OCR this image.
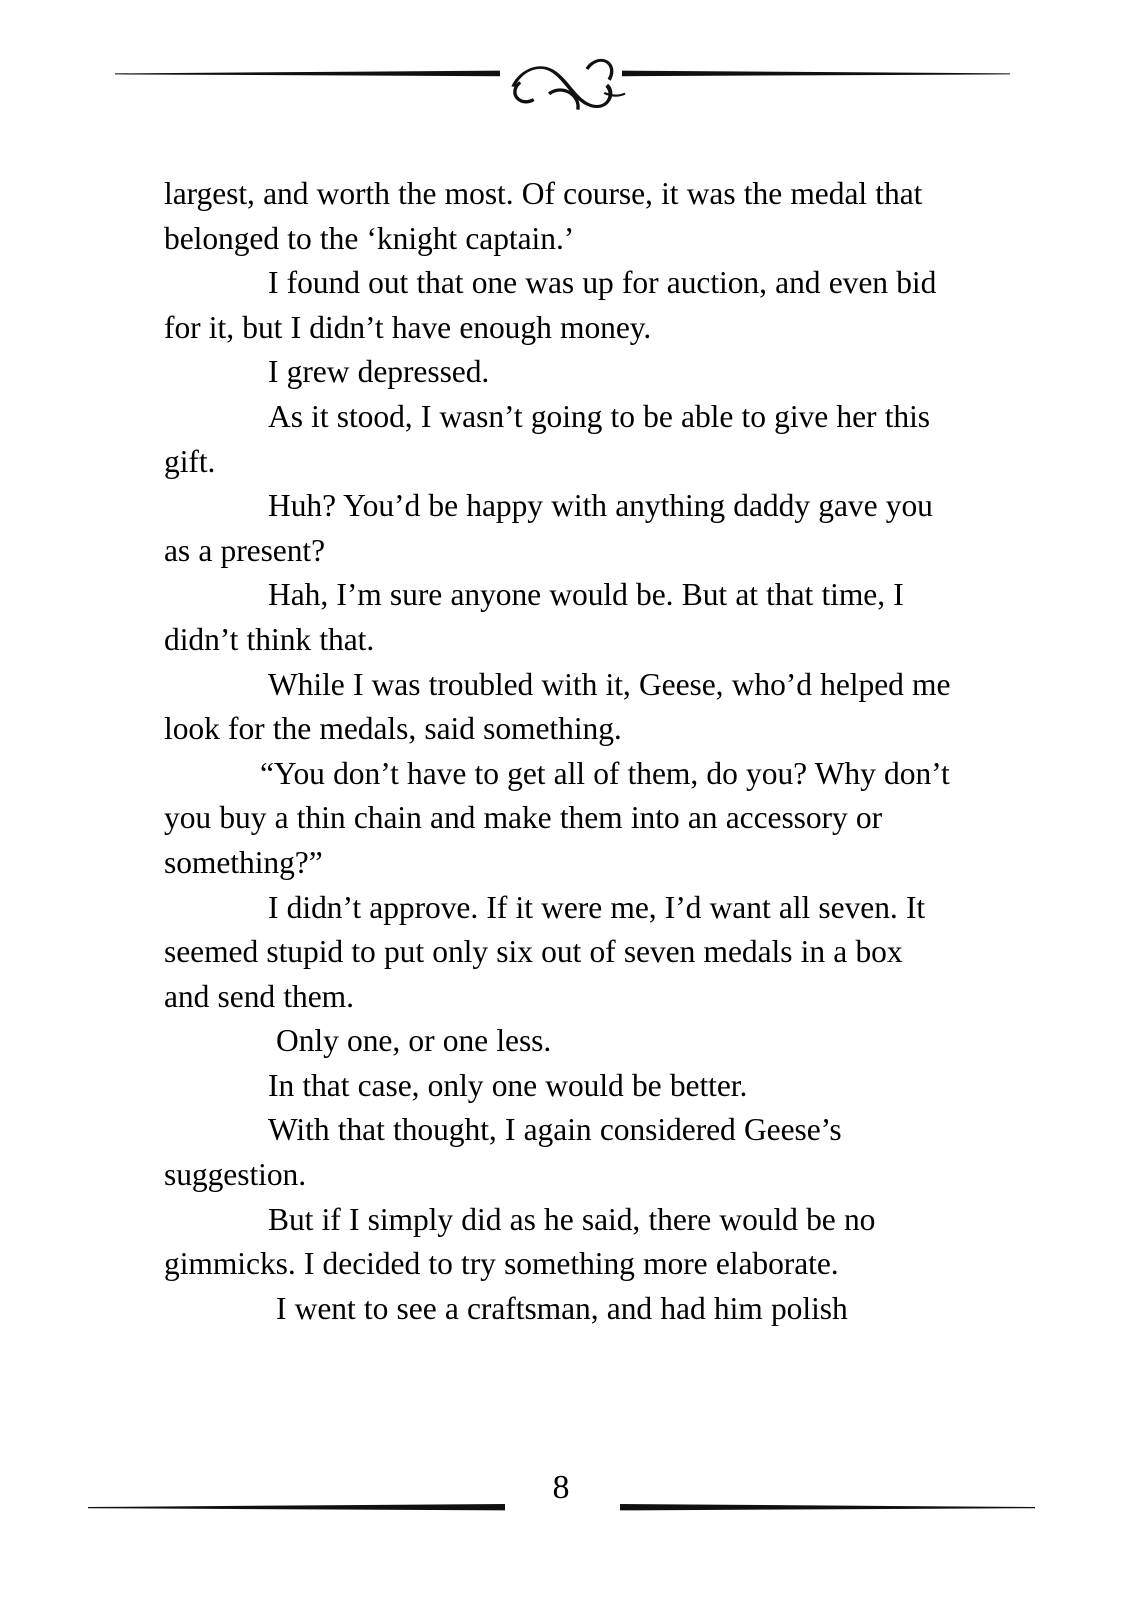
largest, and worth the most. Of course, it was the medal that belonged to the ‘knight captain.’

I found out that one was up for auction, and even bid for it, but I didn’t have enough money.

I grew depressed.

As it stood, I wasn’t going to be able to give her this gift.

Huh? You’d be happy with anything daddy gave you as a present?

Hah, I’m sure anyone would be. But at that time, I didn’t think that.

While I was troubled with it, Geese, who’d helped me look for the medals, said something.

“You don’t have to get all of them, do you? Why don’t you buy a thin chain and make them into an accessory or something?”

I didn’t approve. If it were me, I’d want all seven. It seemed stupid to put only six out of seven medals in a box and send them.

Only one, or one less.

In that case, only one would be better.

With that thought, I again considered Geese’s suggestion.

But if I simply did as he said, there would be no gimmicks. I decided to try something more elaborate.

I went to see a craftsman, and had him polish

8
